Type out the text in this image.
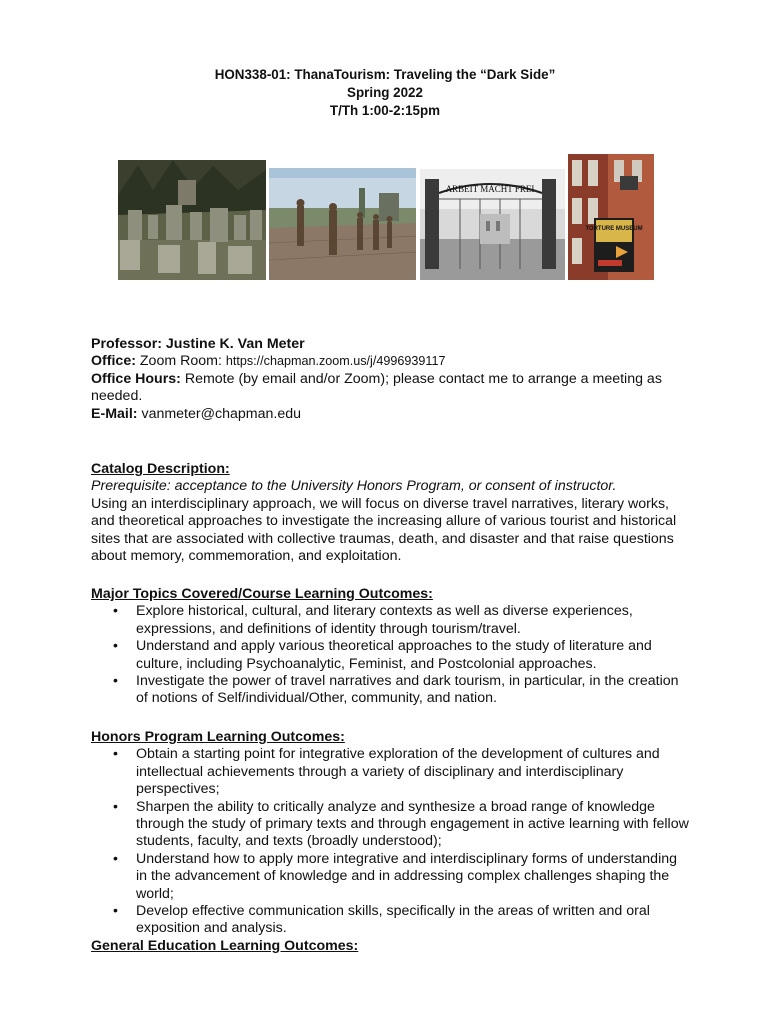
HON338-01: ThanaTourism: Traveling the “Dark Side”
Spring 2022
T/Th 1:00-2:15pm
ARBEIT MACHT FREI
TORTURE MUSEUM

Professor: Justine K. Van Meter

Office: Zoom Room: https://chapman.zoom.us/j/4996939117

Office Hours: Remote (by email and/or Zoom); please contact me to arrange a meeting as needed.

E-Mail: vanmeter@chapman.edu

Catalog Description:

Prerequisite: acceptance to the University Honors Program, or consent of instructor.

Using an interdisciplinary approach, we will focus on diverse travel narratives, literary works, and theoretical approaches to investigate the increasing allure of various tourist and historical sites that are associated with collective traumas, death, and disaster and that raise questions about memory, commemoration, and exploitation.

Major Topics Covered/Course Learning Outcomes:

• Explore historical, cultural, and literary contexts as well as diverse experiences, expressions, and definitions of identity through tourism/travel.
• Understand and apply various theoretical approaches to the study of literature and culture, including Psychoanalytic, Feminist, and Postcolonial approaches.
• Investigate the power of travel narratives and dark tourism, in particular, in the creation of notions of Self/individual/Other, community, and nation.

Honors Program Learning Outcomes:

• Obtain a starting point for integrative exploration of the development of cultures and intellectual achievements through a variety of disciplinary and interdisciplinary perspectives;
• Sharpen the ability to critically analyze and synthesize a broad range of knowledge through the study of primary texts and through engagement in active learning with fellow students, faculty, and texts (broadly understood);
• Understand how to apply more integrative and interdisciplinary forms of understanding in the advancement of knowledge and in addressing complex challenges shaping the world;
• Develop effective communication skills, specifically in the areas of written and oral exposition and analysis.

General Education Learning Outcomes:
